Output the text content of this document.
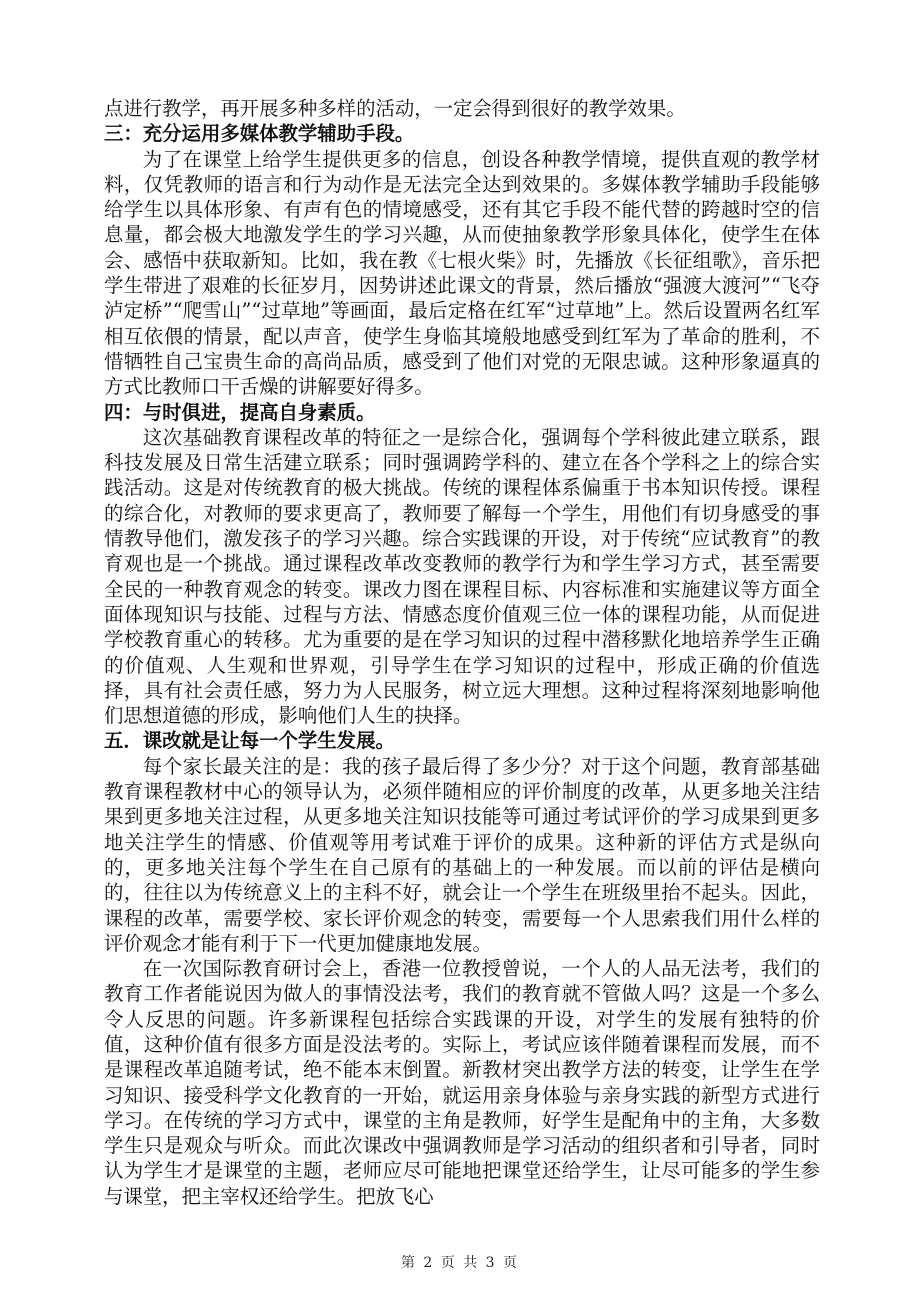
点进行教学，再开展多种多样的活动，一定会得到很好的教学效果。

三：充分运用多媒体教学辅助手段。

为了在课堂上给学生提供更多的信息，创设各种教学情境，提供直观的教学材料，仅凭教师的语言和行为动作是无法完全达到效果的。多媒体教学辅助手段能够给学生以具体形象、有声有色的情境感受，还有其它手段不能代替的跨越时空的信息量，都会极大地激发学生的学习兴趣，从而使抽象教学形象具体化，使学生在体会、感悟中获取新知。比如，我在教《七根火柴》时，先播放《长征组歌》，音乐把学生带进了艰难的长征岁月，因势讲述此课文的背景，然后播放“强渡大渡河”“飞夺泸定桥”“爬雪山”“过草地”等画面，最后定格在红军“过草地”上。然后设置两名红军相互依偎的情景，配以声音，使学生身临其境般地感受到红军为了革命的胜利，不惜牺牲自己宝贵生命的高尚品质，感受到了他们对党的无限忠诚。这种形象逼真的方式比教师口干舌燥的讲解要好得多。

四：与时俱进，提高自身素质。

这次基础教育课程改革的特征之一是综合化，强调每个学科彼此建立联系，跟科技发展及日常生活建立联系；同时强调跨学科的、建立在各个学科之上的综合实践活动。这是对传统教育的极大挑战。传统的课程体系偏重于书本知识传授。课程的综合化，对教师的要求更高了，教师要了解每一个学生，用他们有切身感受的事情教导他们，激发孩子的学习兴趣。综合实践课的开设，对于传统“应试教育”的教育观也是一个挑战。通过课程改革改变教师的教学行为和学生学习方式，甚至需要全民的一种教育观念的转变。课改力图在课程目标、内容标准和实施建议等方面全面体现知识与技能、过程与方法、情感态度价值观三位一体的课程功能，从而促进学校教育重心的转移。尤为重要的是在学习知识的过程中潜移默化地培养学生正确的价值观、人生观和世界观，引导学生在学习知识的过程中，形成正确的价值选择，具有社会责任感，努力为人民服务，树立远大理想。这种过程将深刻地影响他们思想道德的形成，影响他们人生的抉择。

五．课改就是让每一个学生发展。

每个家长最关注的是：我的孩子最后得了多少分？对于这个问题，教育部基础教育课程教材中心的领导认为，必须伴随相应的评价制度的改革，从更多地关注结果到更多地关注过程，从更多地关注知识技能等可通过考试评价的学习成果到更多地关注学生的情感、价值观等用考试难于评价的成果。这种新的评估方式是纵向的，更多地关注每个学生在自己原有的基础上的一种发展。而以前的评估是横向的，往往以为传统意义上的主科不好，就会让一个学生在班级里抬不起头。因此，课程的改革，需要学校、家长评价观念的转变，需要每一个人思索我们用什么样的评价观念才能有利于下一代更加健康地发展。

在一次国际教育研讨会上，香港一位教授曾说，一个人的人品无法考，我们的教育工作者能说因为做人的事情没法考，我们的教育就不管做人吗？这是一个多么令人反思的问题。许多新课程包括综合实践课的开设，对学生的发展有独特的价值，这种价值有很多方面是没法考的。实际上，考试应该伴随着课程而发展，而不是课程改革追随考试，绝不能本末倒置。新教材突出教学方法的转变，让学生在学习知识、接受科学文化教育的一开始，就运用亲身体验与亲身实践的新型方式进行学习。在传统的学习方式中，课堂的主角是教师，好学生是配角中的主角，大多数学生只是观众与听众。而此次课改中强调教师是学习活动的组织者和引导者，同时认为学生才是课堂的主题，老师应尽可能地把课堂还给学生，让尽可能多的学生参与课堂，把主宰权还给学生。把放飞心

第 2 页 共 3 页
